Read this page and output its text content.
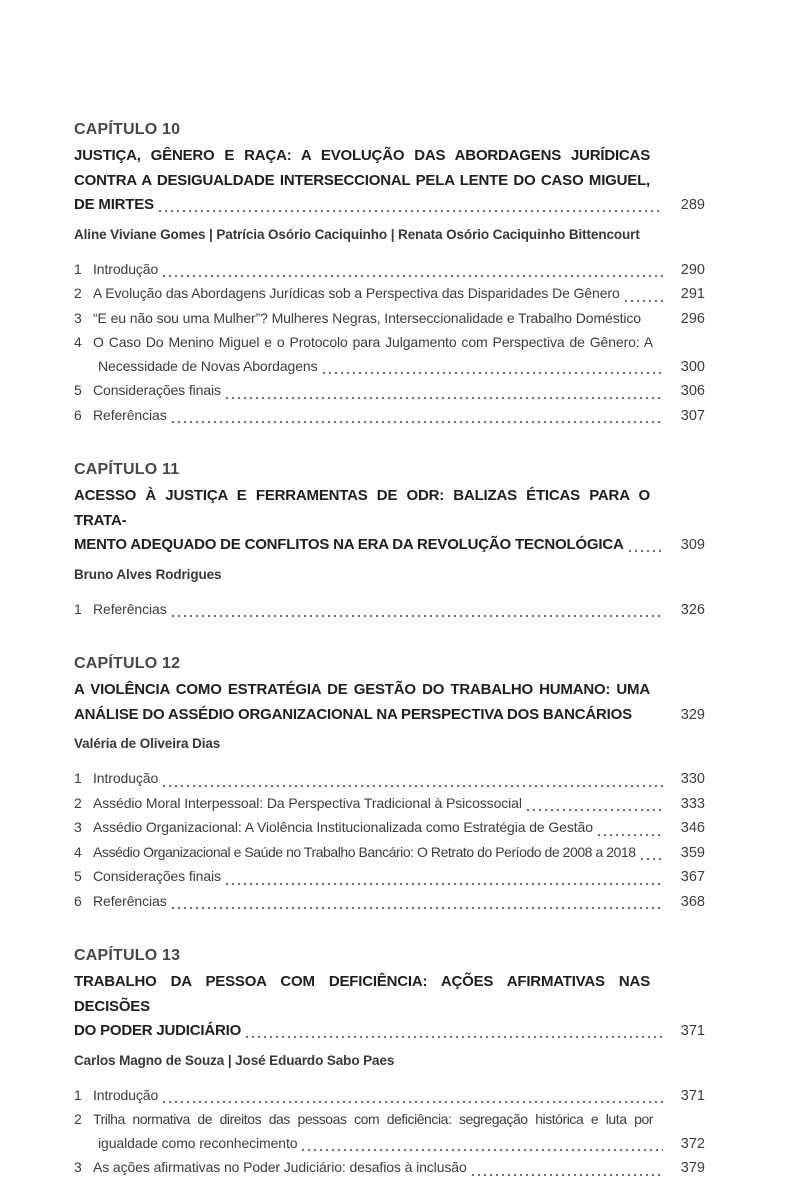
CAPÍTULO 10
JUSTIÇA, GÊNERO E RAÇA: A EVOLUÇÃO DAS ABORDAGENS JURÍDICAS
CONTRA A DESIGUALDADE INTERSECCIONAL PELA LENTE DO CASO MIGUEL,
DE MIRTES	289
Aline Viviane Gomes | Patrícia Osório Caciquinho | Renata Osório Caciquinho Bittencourt
1 Introdução	290
2 A Evolução das Abordagens Jurídicas sob a Perspectiva das Disparidades De Gênero	291
3 “E eu não sou uma Mulher”? Mulheres Negras, Interseccionalidade e Trabalho Doméstico	296
4 O Caso Do Menino Miguel e o Protocolo para Julgamento com Perspectiva de Gênero: A
Necessidade de Novas Abordagens	300
5 Considerações finais	306
6 Referências	307
CAPÍTULO 11
ACESSO À JUSTIÇA E FERRAMENTAS DE ODR: BALIZAS ÉTICAS PARA O TRATA-
MENTO ADEQUADO DE CONFLITOS NA ERA DA REVOLUÇÃO TECNOLÓGICA	309
Bruno Alves Rodrigues
1 Referências	326
CAPÍTULO 12
A VIOLÊNCIA COMO ESTRATÉGIA DE GESTÃO DO TRABALHO HUMANO: UMA
ANÁLISE DO ASSÉDIO ORGANIZACIONAL NA PERSPECTIVA DOS BANCÁRIOS	329
Valéria de Oliveira Dias
1 Introdução	330
2 Assédio Moral Interpessoal: Da Perspectiva Tradicional à Psicossocial	333
3 Assédio Organizacional: A Violência Institucionalizada como Estratégia de Gestão	346
4 Assédio Organizacional e Saúde no Trabalho Bancário: O Retrato do Período de 2008 a 2018	359
5 Considerações finais	367
6 Referências	368
CAPÍTULO 13
TRABALHO DA PESSOA COM DEFICIÊNCIA: AÇÕES AFIRMATIVAS NAS DECISÕES
DO PODER JUDICIÁRIO	371
Carlos Magno de Souza | José Eduardo Sabo Paes
1 Introdução	371
2 Trilha normativa de direitos das pessoas com deficiência: segregação histórica e luta por
igualdade como reconhecimento	372
3 As ações afirmativas no Poder Judiciário: desafios à inclusão	379
